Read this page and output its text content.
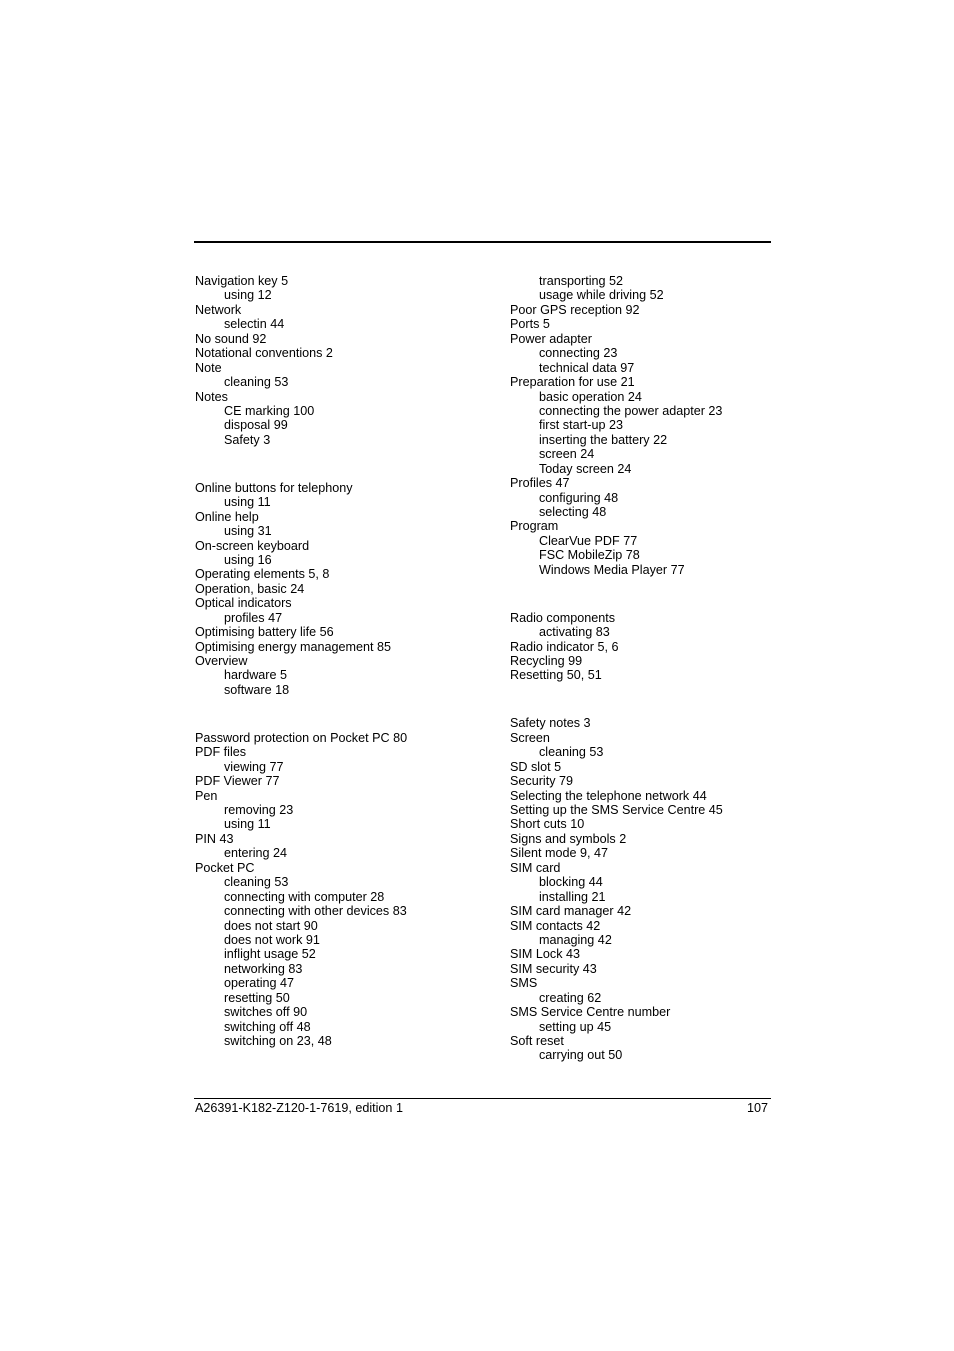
Navigation key 5
using 12
Network
selectin 44
No sound 92
Notational conventions 2
Note
cleaning 53
Notes
CE marking 100
disposal 99
Safety 3
Online buttons for telephony
using 11
Online help
using 31
On-screen keyboard
using 16
Operating elements 5, 8
Operation, basic 24
Optical indicators
profiles 47
Optimising battery life 56
Optimising energy management 85
Overview
hardware 5
software 18
Password protection on Pocket PC 80
PDF files
viewing 77
PDF Viewer 77
Pen
removing 23
using 11
PIN 43
entering 24
Pocket PC
cleaning 53
connecting with computer 28
connecting with other devices 83
does not start 90
does not work 91
inflight usage 52
networking 83
operating 47
resetting 50
switches off 90
switching off 48
switching on 23, 48
transporting 52
usage while driving 52
Poor GPS reception 92
Ports 5
Power adapter
connecting 23
technical data 97
Preparation for use 21
basic operation 24
connecting the power adapter 23
first start-up 23
inserting the battery 22
screen 24
Today screen 24
Profiles 47
configuring 48
selecting 48
Program
ClearVue PDF 77
FSC MobileZip 78
Windows Media Player 77
Radio components
activating 83
Radio indicator 5, 6
Recycling 99
Resetting 50, 51
Safety notes 3
Screen
cleaning 53
SD slot 5
Security 79
Selecting the telephone network 44
Setting up the SMS Service Centre 45
Short cuts 10
Signs and symbols 2
Silent mode 9, 47
SIM card
blocking 44
installing 21
SIM card manager 42
SIM contacts 42
managing 42
SIM Lock 43
SIM security 43
SMS
creating 62
SMS Service Centre number
setting up 45
Soft reset
carrying out 50
A26391-K182-Z120-1-7619, edition 1	107
